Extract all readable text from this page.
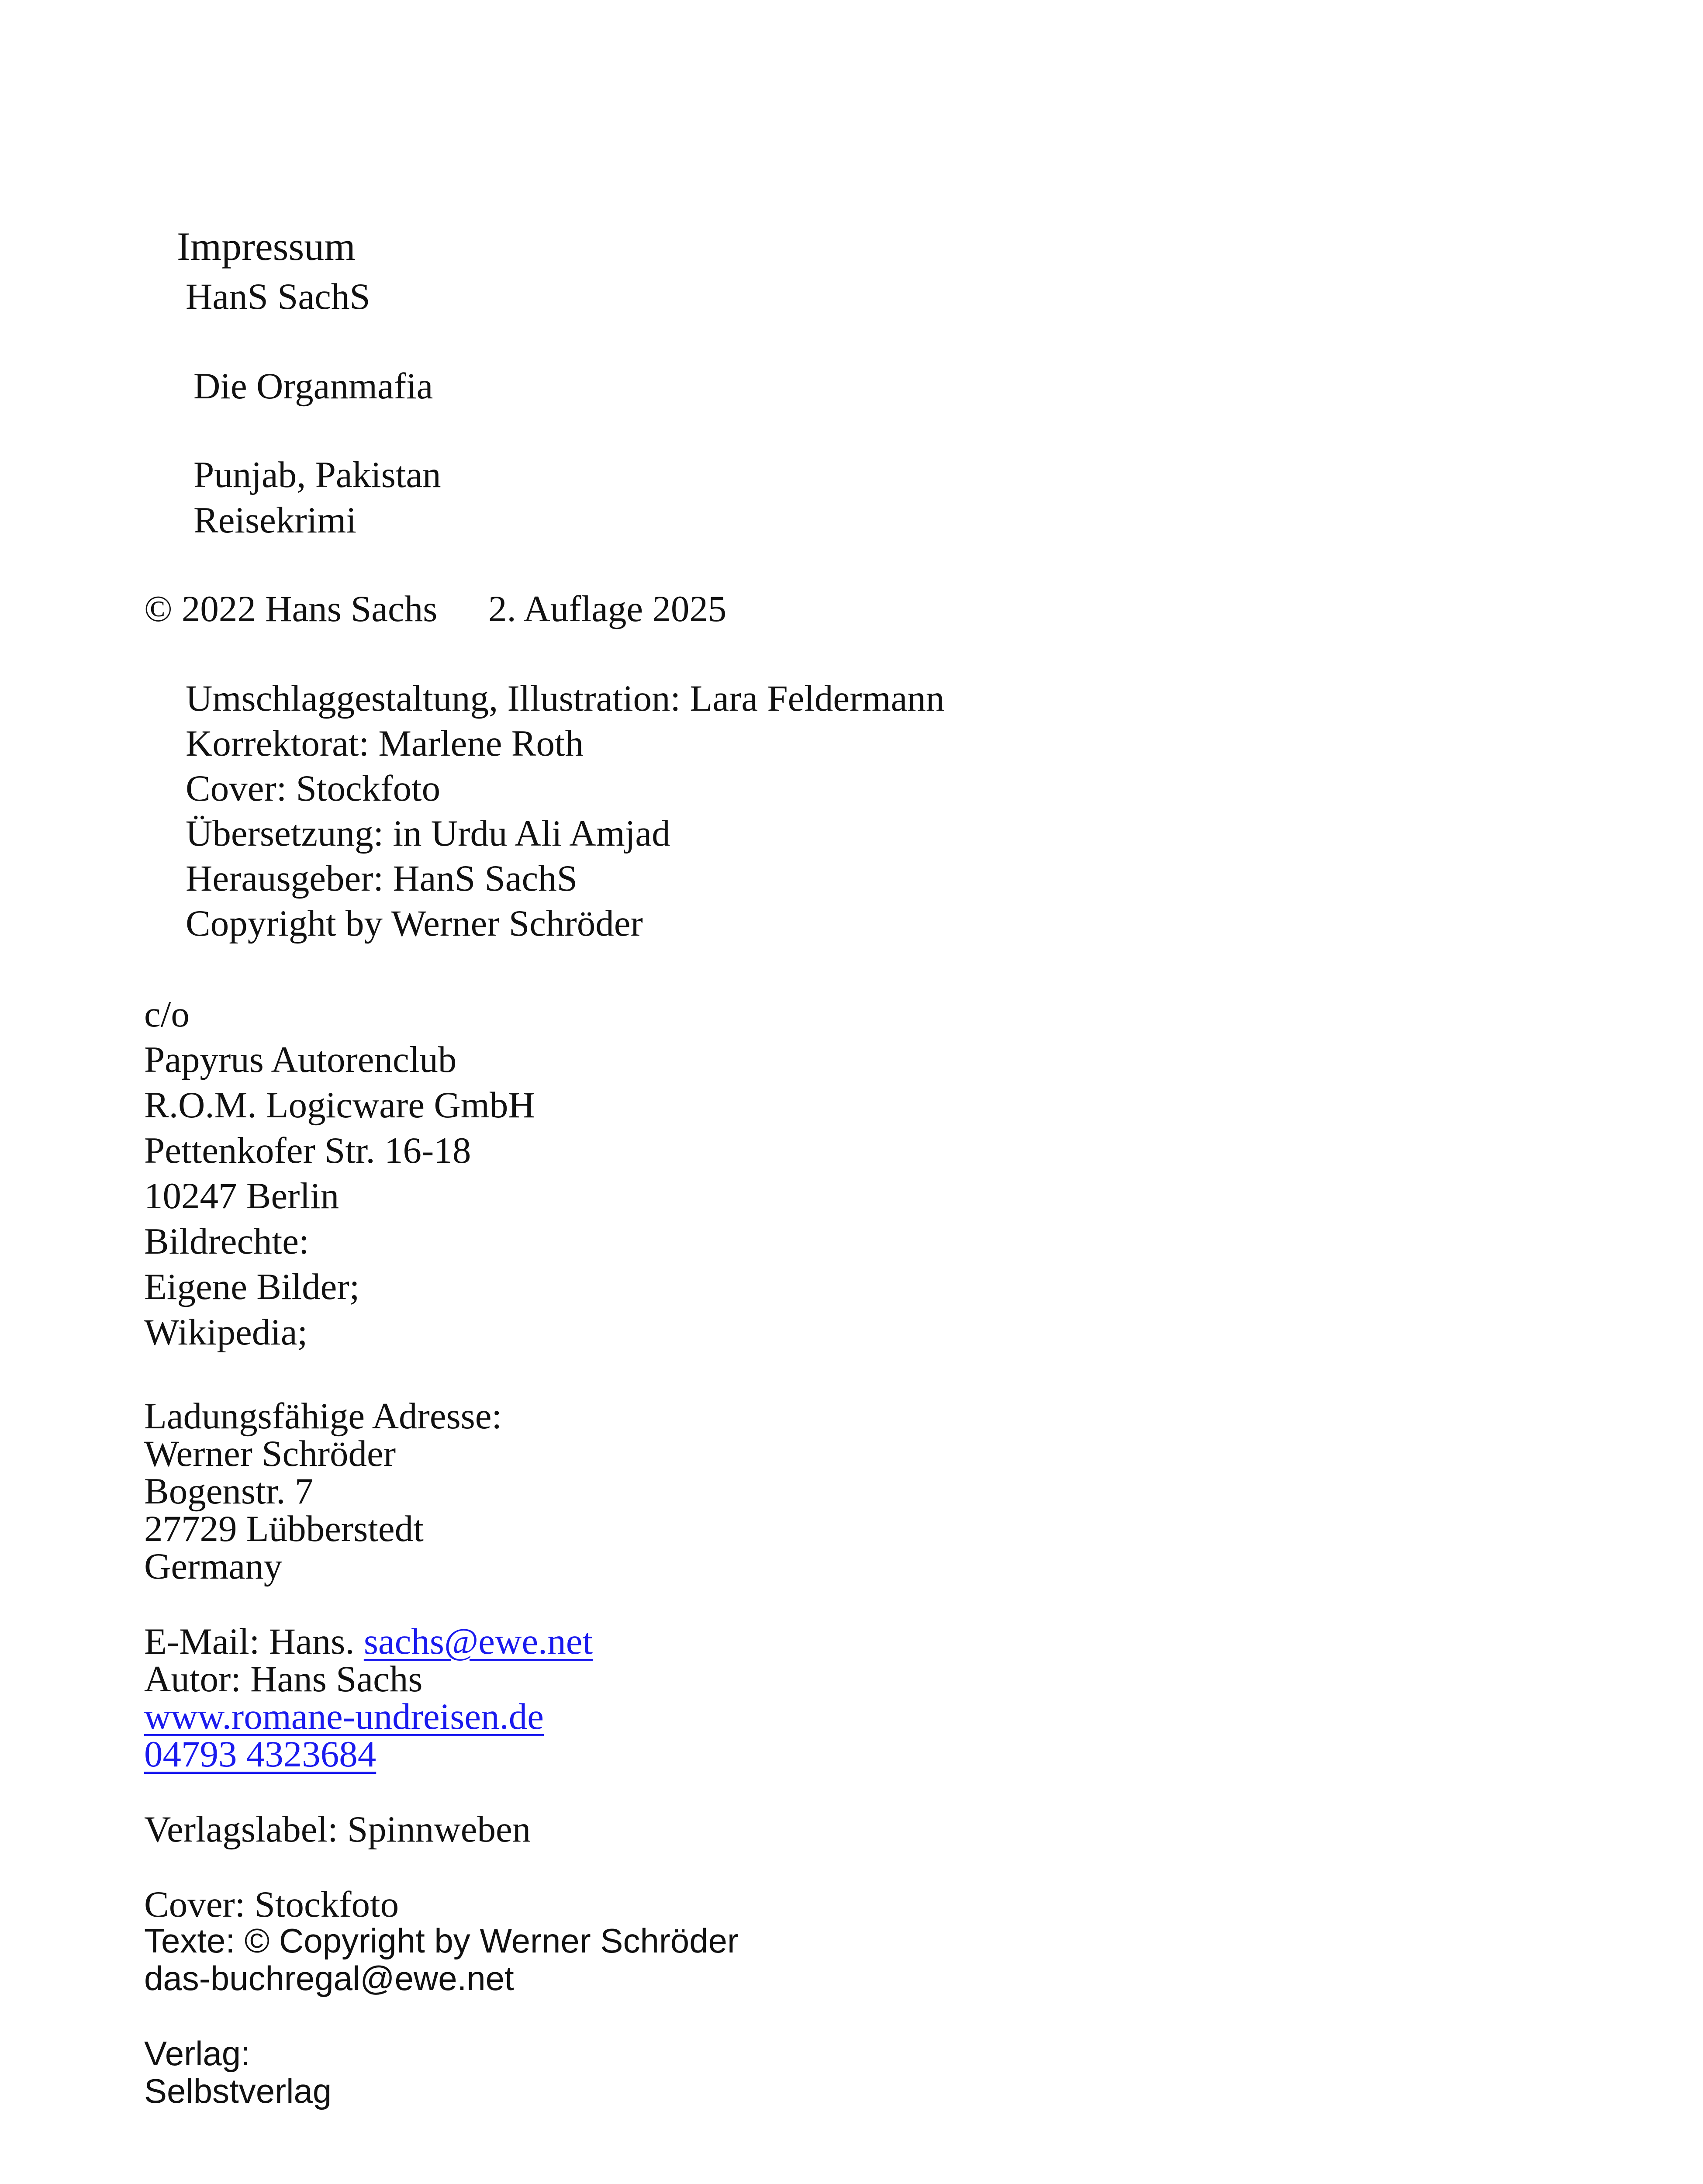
Impressum

HanS SachS

Die Organmafia

Punjab, Pakistan

Reisekrimi

© 2022 Hans Sachs 2. Auflage 2025

Umschlaggestaltung, Illustration: Lara Feldermann

Korrektorat: Marlene Roth

Cover: Stockfoto

Übersetzung: in Urdu Ali Amjad

Herausgeber: HanS SachS

Copyright by Werner Schröder

c/o

Papyrus Autorenclub

R.O.M. Logicware GmbH

Pettenkofer Str. 16-18

10247 Berlin

Bildrechte:

Eigene Bilder;

Wikipedia;

Ladungsfähige Adresse:

Werner Schröder

Bogenstr. 7

27729 Lübberstedt

Germany

E-Mail: Hans. sachs@ewe.net

Autor: Hans Sachs

www.romane-undreisen.de
04793 4323684

Verlagslabel: Spinnweben

Cover: Stockfoto

Texte: © Copyright by Werner Schröder

das-buchregal@ewe.net

Verlag:

Selbstverlag
